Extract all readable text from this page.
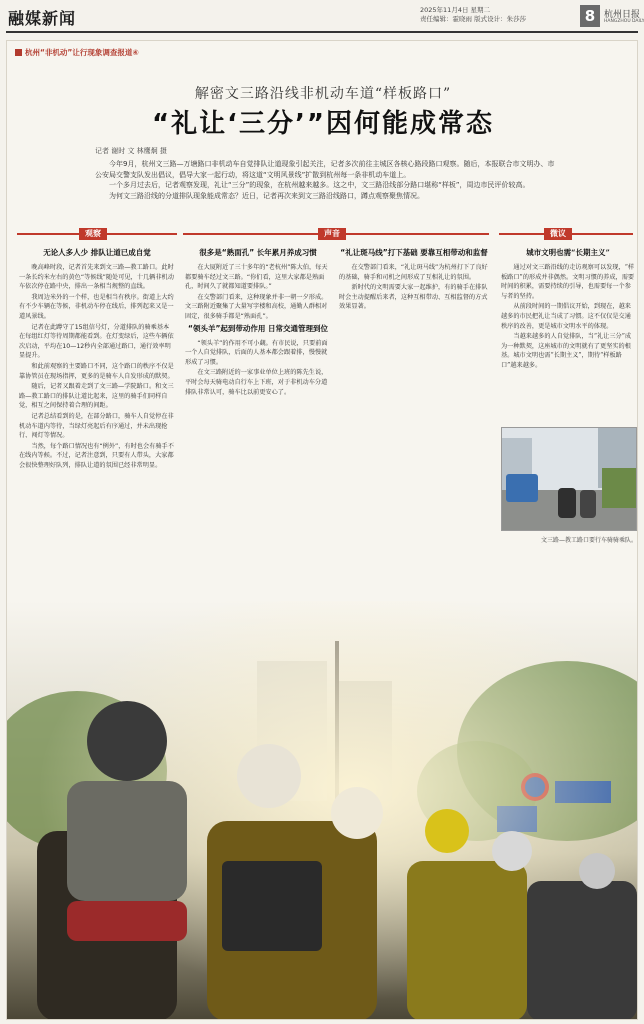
融媒新闻	2025年11月4日 星期二
责任编辑：霍晓雨 版式设计：朱莎莎	8 杭州日报
HANGZHOU DAILY
杭州“非机动”让行现象调查报道④
解密文三路沿线非机动车道“样板路口”
“礼让‘三分’”因何能成常态
记者 谢时 文 林鹰炯 摄

今年9月，杭州文三路—万塘路口非机动车自觉排队让道现象引起关注，记者多次前往主城区各核心路段路口观察。随后，本报联合市文明办、市公安局交警支队发出倡议，倡导大家一起行动，将这道“文明风景线”扩散到杭州每一条非机动车道上。

一个多月过去后，记者观察发现，礼让“三分”的现象，在杭州越来越多。这之中，文三路沿线部分路口堪称“样板”，周边市民评价较高。

为何文三路沿线的分道排队现象能成常态？近日，记者再次来到文三路沿线路口，蹲点观察聚焦情况。

观察	声音	微议
无论人多人少 排队让道已成自觉

晚高峰时段，记者首先来到文三路—教工路口。此时一条长约米左右的黄色“等候线”随处可见，十几辆非机动车依次停在路中央，排出一条相当规整的直线。

我周边米外的一个样，也是相当有秩序。街道上大约有不少车辆在等候，非机动车停在线后，排列起来又是一道风景线。

记者在此蹲守了15组信号灯，分道排队的骑乘基本在每组红灯等待周期都能看到。在灯变绿后，这些车辆依次启动，平均在10—12秒内全部通过路口，通行效率明显提升。

和此前观察的主要路口不同，这个路口的秩序不仅是靠协管员在现场指挥，更多的是骑车人自发形成的默契。

随后，记者又跟着走到了文三路—学院路口。和文三路—教工路口的排队让道比起来，这里的骑手们同样自觉，相互之间保持着合理的间距。

记者总结看到的是，在部分路口，骑车人自觉停在非机动车道内等待，当绿灯亮起后有序通过，并未出现抢行、闯灯等情况。

当然，每个路口情况也有“例外”，有时也会有骑手不在线内等候。不过，记者注意到，只要有人带头，大家都会很快整理好队列，排队让道的氛围已经非常明显。

很多是“熟面孔” 长年累月养成习惯

在大厦附近了三十多年的“老杭州”陈大伯，每天都要骑车经过文三路。“你们看，这里大家都是熟面孔，时间久了就都知道要排队。”

在交警部门看来，这种现象并非一朝一夕形成。文三路附近聚集了大量写字楼和高校，通勤人群相对固定，很多骑手都是“熟面孔”。

“领头羊”起到带动作用 日常交通管理到位

“领头羊”的作用不可小觑。有市民说，只要前面一个人自觉排队，后面的人基本都会跟着排，慢慢就形成了习惯。

在文三路附近的一家事业单位上班的陈先生说，平时会每天骑电动自行车上下班，对于非机动车分道排队非常认可，骑车比以前更安心了。

“礼让斑马线”打下基础 要靠互相带动和监督

在交警部门看来，“礼让斑马线”为杭州打下了良好的基础，骑手和司机之间形成了互相礼让的氛围。

新时代的文明需要大家一起维护，有的骑手在排队时会主动提醒后来者，这种互相带动、互相监督的方式效果显著。

城市文明也需“长期主义”

通过对文三路沿线的走访观察可以发现，“样板路口”的形成并非偶然。文明习惯的养成，需要时间的积累，需要持续的引导，也需要每一个参与者的坚持。

从前段时间的一期倡议开始，到现在，越来越多的市民把礼让当成了习惯。这不仅仅是交通秩序的改善，更是城市文明水平的体现。

当越来越多的人自觉排队，当“礼让三分”成为一种默契，这座城市的文明就有了更坚实的根基。城市文明也需“长期主义”，期待“样板路口”越来越多。

文三路—教工路口要行车骑骑乘队。
